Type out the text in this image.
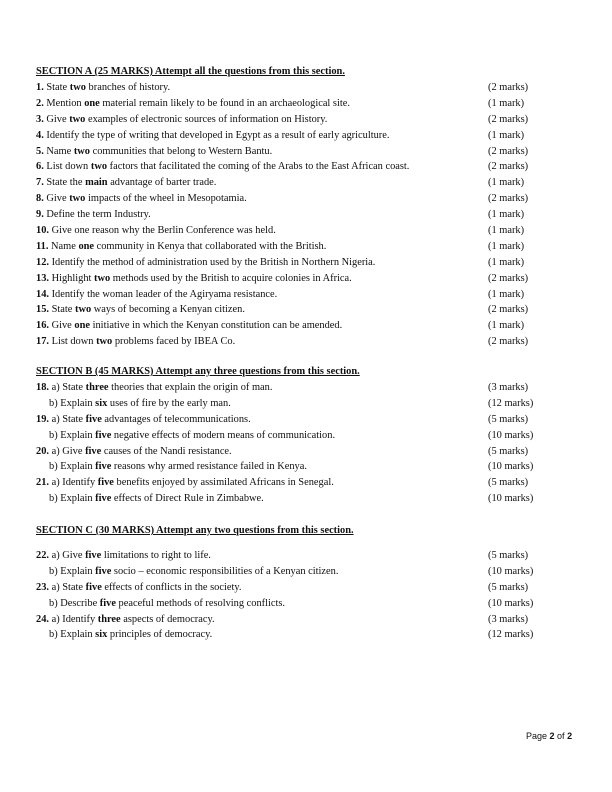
SECTION A (25 MARKS) Attempt all the questions from this section.
1. State two branches of history.	(2 marks)
2. Mention one material remain likely to be found in an archaeological site.	(1 mark)
3. Give two examples of electronic sources of information on History.	(2 marks)
4. Identify the type of writing that developed in Egypt as a result of early agriculture.	(1 mark)
5. Name two communities that belong to Western Bantu.	(2 marks)
6. List down two factors that facilitated the coming of the Arabs to the East African coast.	(2 marks)
7. State the main advantage of barter trade.	(1 mark)
8. Give two impacts of the wheel in Mesopotamia.	(2 marks)
9. Define the term Industry.	(1 mark)
10. Give one reason why the Berlin Conference was held.	(1 mark)
11. Name one community in Kenya that collaborated with the British.	(1 mark)
12. Identify the method of administration used by the British in Northern Nigeria.	(1 mark)
13. Highlight two methods used by the British to acquire colonies in Africa.	(2 marks)
14. Identify the woman leader of the Agiryama resistance.	(1 mark)
15. State two ways of becoming a Kenyan citizen.	(2 marks)
16. Give one initiative in which the Kenyan constitution can be amended.	(1 mark)
17. List down two problems faced by IBEA Co.	(2 marks)
SECTION B (45 MARKS) Attempt any three questions from this section.
18. a) State three theories that explain the origin of man.	(3 marks)
b) Explain six uses of fire by the early man.	(12 marks)
19. a) State five advantages of telecommunications.	(5 marks)
b) Explain five negative effects of modern means of communication.	(10 marks)
20. a) Give five causes of the Nandi resistance.	(5 marks)
b) Explain five reasons why armed resistance failed in Kenya.	(10 marks)
21. a) Identify five benefits enjoyed by assimilated Africans in Senegal.	(5 marks)
b) Explain five effects of Direct Rule in Zimbabwe.	(10 marks)
SECTION C (30 MARKS) Attempt any two questions from this section.
22. a) Give five limitations to right to life.	(5 marks)
b) Explain five socio – economic responsibilities of a Kenyan citizen.	(10 marks)
23. a) State five effects of conflicts in the society.	(5 marks)
b) Describe five peaceful methods of resolving conflicts.	(10 marks)
24. a) Identify three aspects of democracy.	(3 marks)
b) Explain six principles of democracy.	(12 marks)
Page 2 of 2
